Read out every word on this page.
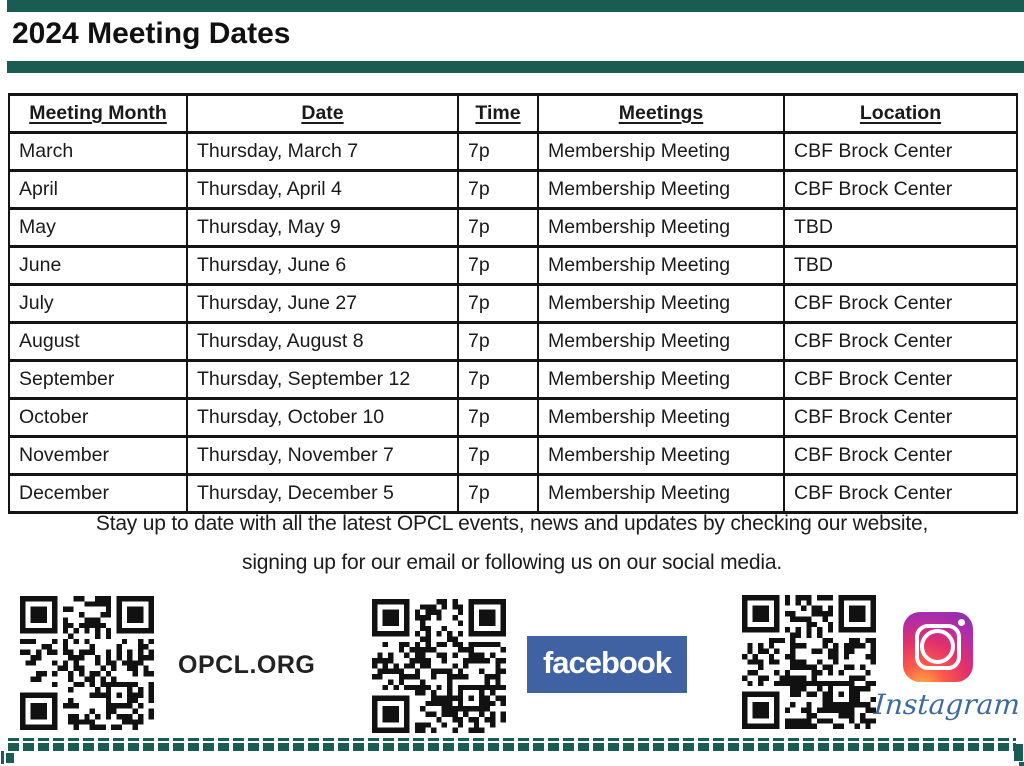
2024 Meeting Dates
Meeting Month	Date	Time	Meetings	Location
March	Thursday, March 7	7p	Membership Meeting	CBF Brock Center
April	Thursday, April 4	7p	Membership Meeting	CBF Brock Center
May	Thursday, May 9	7p	Membership Meeting	TBD
June	Thursday, June 6	7p	Membership Meeting	TBD
July	Thursday, June 27	7p	Membership Meeting	CBF Brock Center
August	Thursday, August 8	7p	Membership Meeting	CBF Brock Center
September	Thursday, September 12	7p	Membership Meeting	CBF Brock Center
October	Thursday, October 10	7p	Membership Meeting	CBF Brock Center
November	Thursday, November 7	7p	Membership Meeting	CBF Brock Center
December	Thursday, December 5	7p	Membership Meeting	CBF Brock Center
Stay up to date with all the latest OPCL events, news and updates by checking our website,
signing up for our email or following us on our social media.
OPCL.ORG	facebook
Instagram
